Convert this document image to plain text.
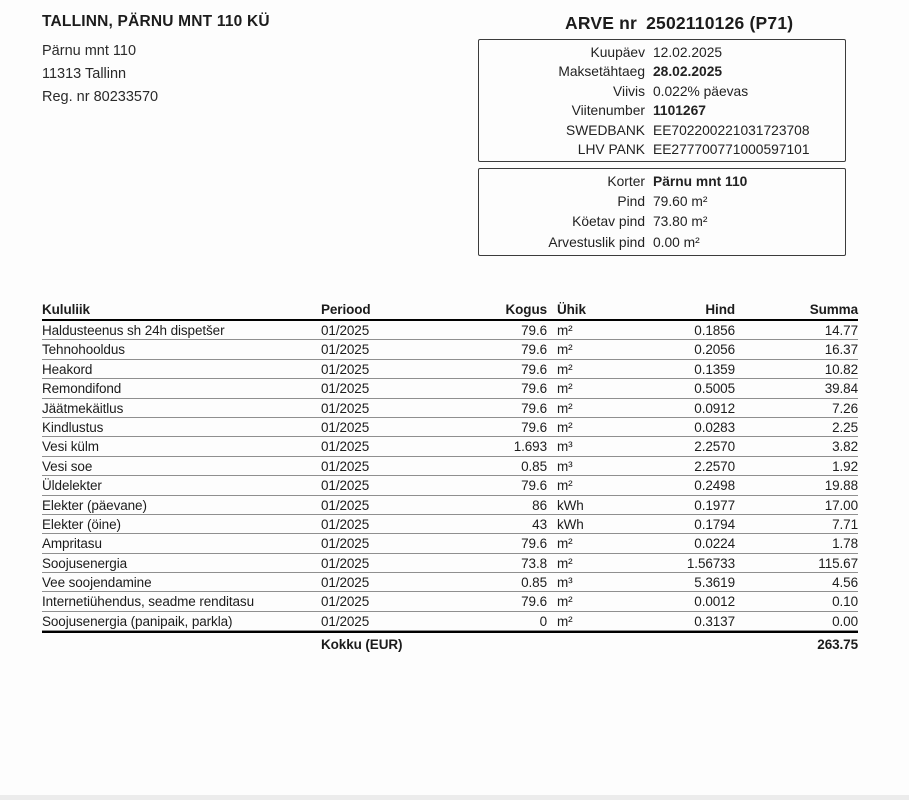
TALLINN, PÄRNU MNT 110 KÜ
Pärnu mnt 110
11313 Tallinn
Reg. nr 80233570
ARVE nr 2502110126 (P71)
Kuupäev 12.02.2025
Maksetähtaeg 28.02.2025
Viivis 0.022% päevas
Viitenumber 1101267
SWEDBANK EE702200221031723708
LHV PANK EE277700771000597101
Korter Pärnu mnt 110
Pind 79.60 m²
Köetav pind 73.80 m²
Arvestuslik pind 0.00 m²
Kululiik	Periood	Kogus Ühik	Hind	Summa
Haldusteenus sh 24h dispetšer	01/2025	79.6 m²	0.1856	14.77
Tehnohooldus	01/2025	79.6 m²	0.2056	16.37
Heakord	01/2025	79.6 m²	0.1359	10.82
Remondifond	01/2025	79.6 m²	0.5005	39.84
Jäätmekäitlus	01/2025	79.6 m²	0.0912	7.26
Kindlustus	01/2025	79.6 m²	0.0283	2.25
Vesi külm	01/2025	1.693 m³	2.2570	3.82
Vesi soe	01/2025	0.85 m³	2.2570	1.92
Üldelekter	01/2025	79.6 m²	0.2498	19.88
Elekter (päevane)	01/2025	86 kWh	0.1977	17.00
Elekter (öine)	01/2025	43 kWh	0.1794	7.71
Ampritasu	01/2025	79.6 m²	0.0224	1.78
Soojusenergia	01/2025	73.8 m²	1.56733	115.67
Vee soojendamine	01/2025	0.85 m³	5.3619	4.56
Internetiühendus, seadme renditasu	01/2025	79.6 m²	0.0012	0.10
Soojusenergia (panipaik, parkla)	01/2025	0 m²	0.3137	0.00
Kokku (EUR)	263.75
